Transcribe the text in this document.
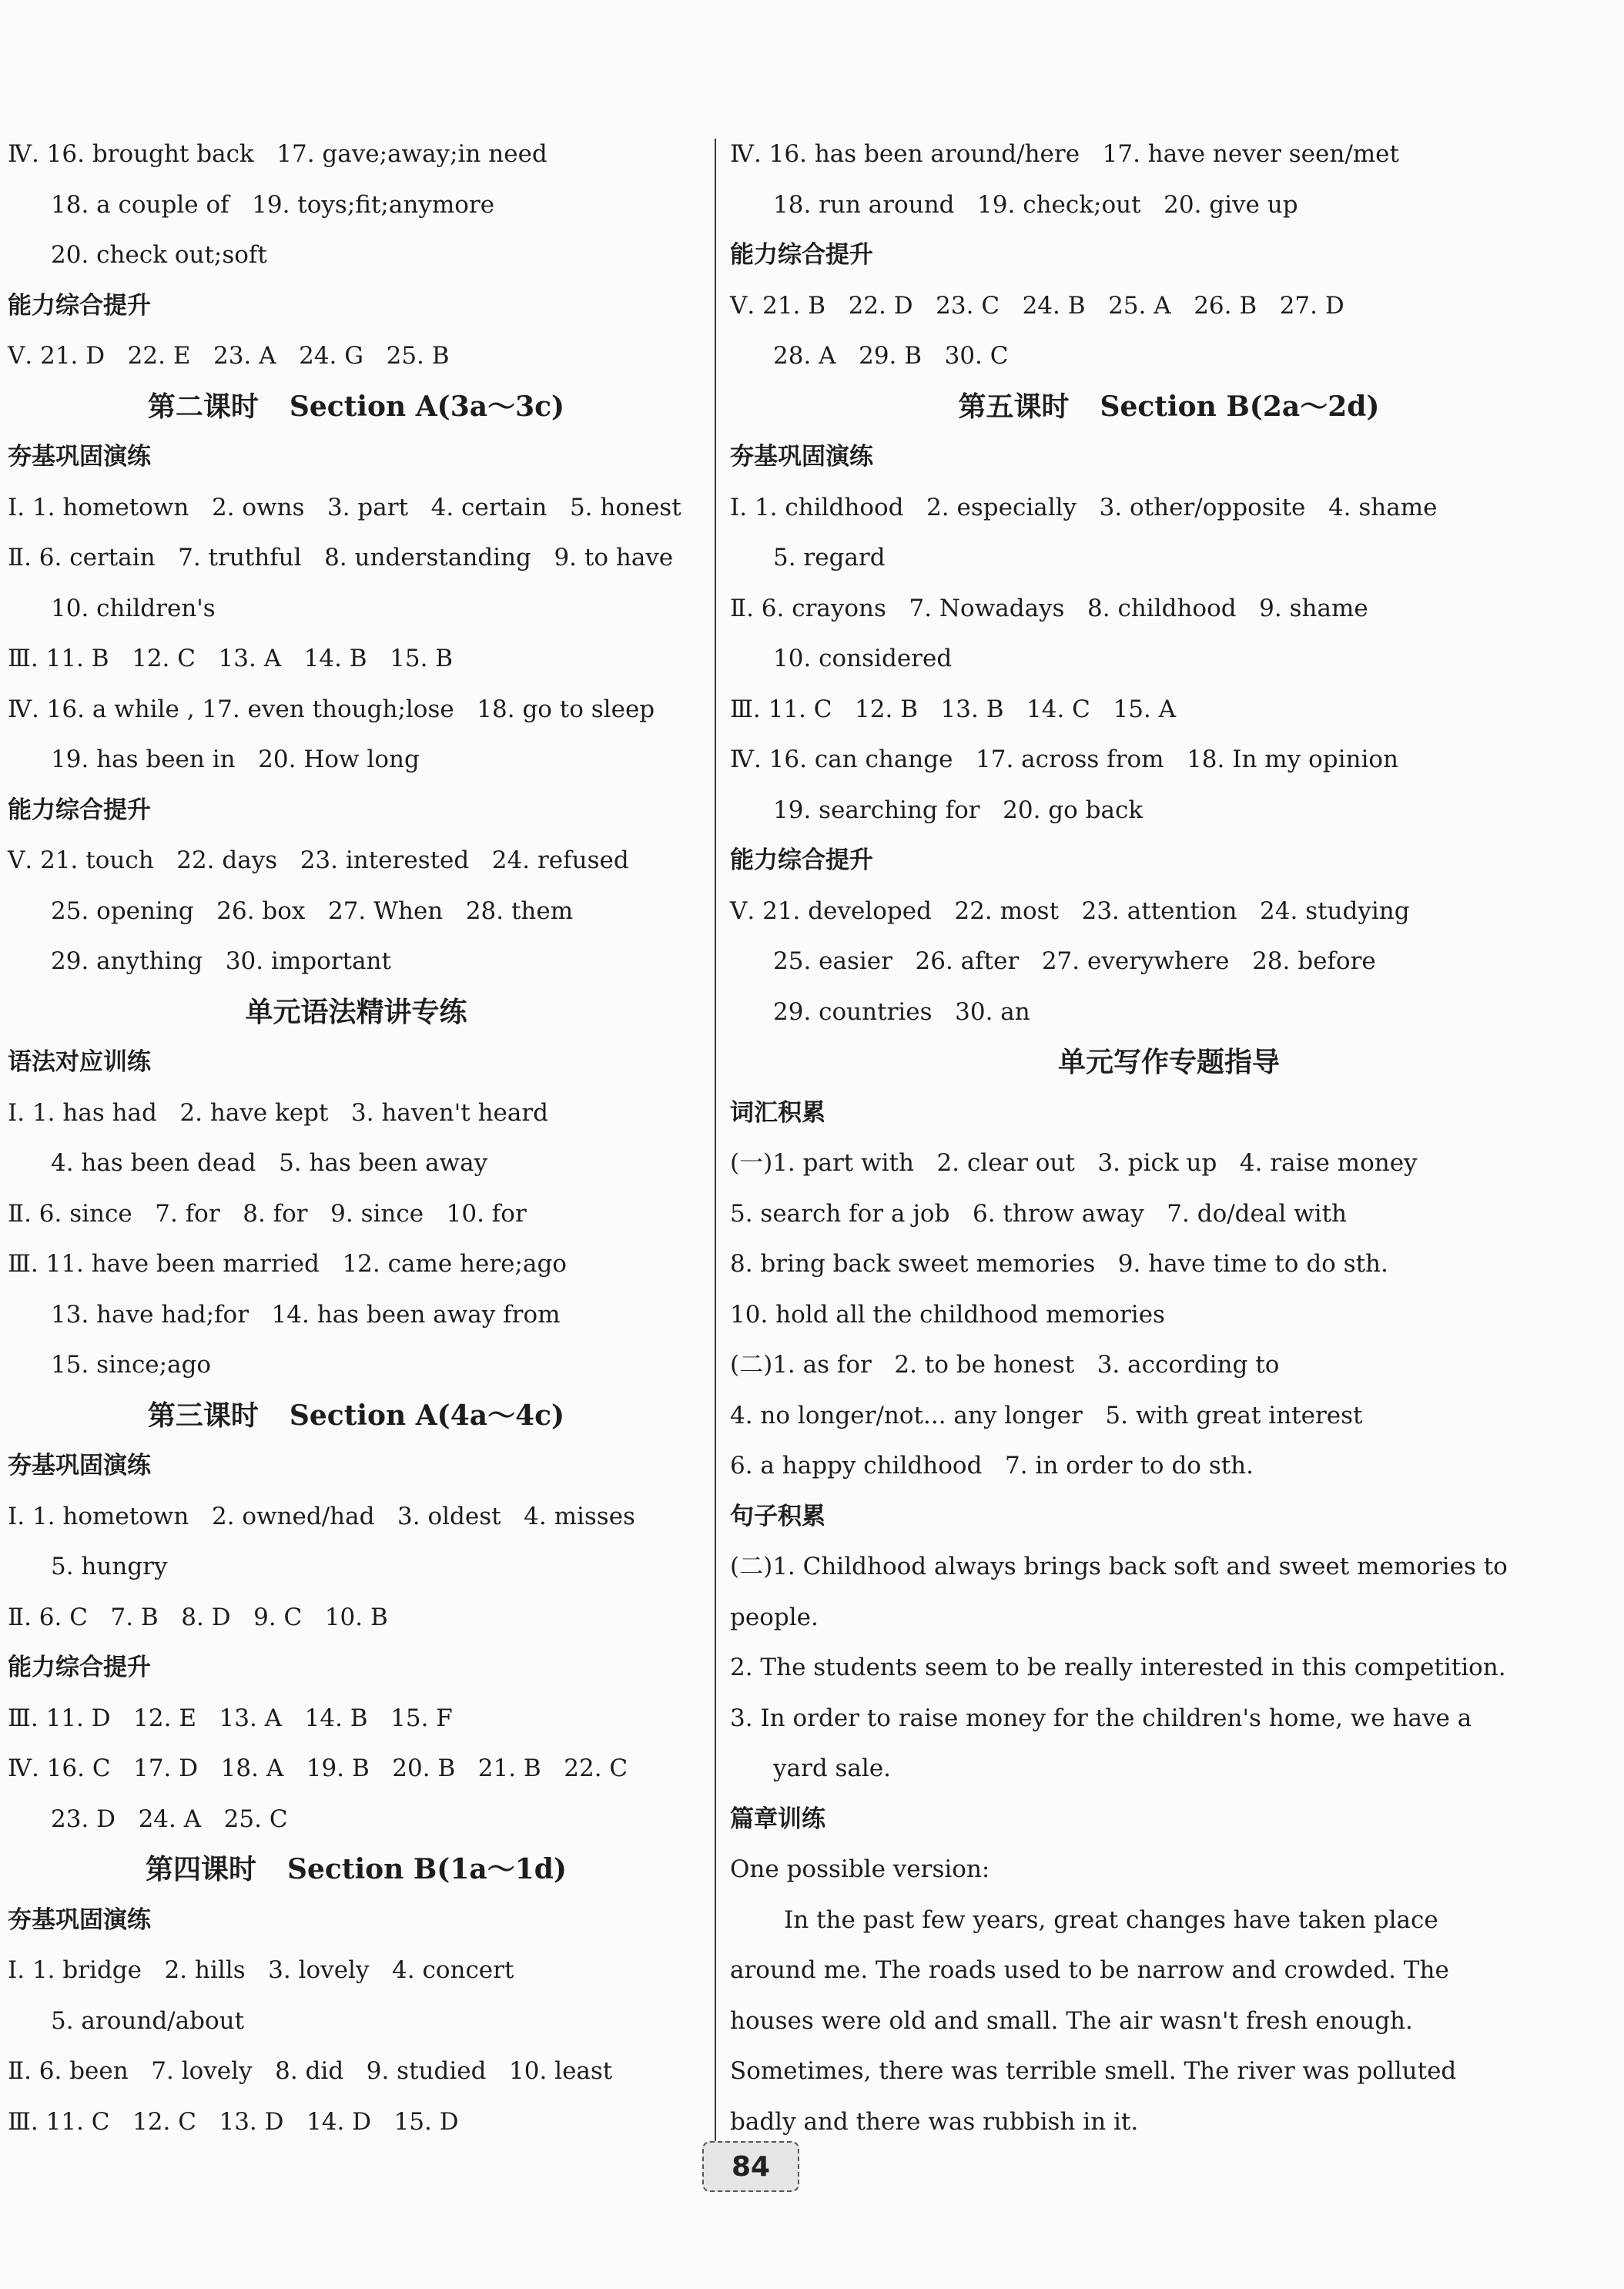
Ⅳ. 16. brought back   17. gave;away;in need
18. a couple of   19. toys;fit;anymore
20. check out;soft
能力综合提升
Ⅴ. 21. D   22. E   23. A   24. G   25. B
第二课时 Section A(3a～3c)
夯基巩固演练
Ⅰ. 1. hometown   2. owns   3. part   4. certain   5. honest
Ⅱ. 6. certain   7. truthful   8. understanding   9. to have
10. children's
Ⅲ. 11. B   12. C   13. A   14. B   15. B
Ⅳ. 16. a while , 17. even though;lose   18. go to sleep
19. has been in   20. How long
能力综合提升
Ⅴ. 21. touch   22. days   23. interested   24. refused
25. opening   26. box   27. When   28. them
29. anything   30. important
单元语法精讲专练
语法对应训练
Ⅰ. 1. has had   2. have kept   3. haven't heard
4. has been dead   5. has been away
Ⅱ. 6. since   7. for   8. for   9. since   10. for
Ⅲ. 11. have been married   12. came here;ago
13. have had;for   14. has been away from
15. since;ago
第三课时 Section A(4a～4c)
夯基巩固演练
Ⅰ. 1. hometown   2. owned/had   3. oldest   4. misses
5. hungry
Ⅱ. 6. C   7. B   8. D   9. C   10. B
能力综合提升
Ⅲ. 11. D   12. E   13. A   14. B   15. F
Ⅳ. 16. C   17. D   18. A   19. B   20. B   21. B   22. C
23. D   24. A   25. C
第四课时 Section B(1a～1d)
夯基巩固演练
Ⅰ. 1. bridge   2. hills   3. lovely   4. concert
5. around/about
Ⅱ. 6. been   7. lovely   8. did   9. studied   10. least
Ⅲ. 11. C   12. C   13. D   14. D   15. D
Ⅳ. 16. has been around/here   17. have never seen/met
18. run around   19. check;out   20. give up
能力综合提升
Ⅴ. 21. B   22. D   23. C   24. B   25. A   26. B   27. D
28. A   29. B   30. C
第五课时 Section B(2a～2d)
夯基巩固演练
Ⅰ. 1. childhood   2. especially   3. other/opposite   4. shame
5. regard
Ⅱ. 6. crayons   7. Nowadays   8. childhood   9. shame
10. considered
Ⅲ. 11. C   12. B   13. B   14. C   15. A
Ⅳ. 16. can change   17. across from   18. In my opinion
19. searching for   20. go back
能力综合提升
Ⅴ. 21. developed   22. most   23. attention   24. studying
25. easier   26. after   27. everywhere   28. before
29. countries   30. an
单元写作专题指导
词汇积累
(一)1. part with   2. clear out   3. pick up   4. raise money
5. search for a job   6. throw away   7. do/deal with
8. bring back sweet memories   9. have time to do sth.
10. hold all the childhood memories
(二)1. as for   2. to be honest   3. according to
4. no longer/not... any longer   5. with great interest
6. a happy childhood   7. in order to do sth.
句子积累
(二)1. Childhood always brings back soft and sweet memories to
people.
2. The students seem to be really interested in this competition.
3. In order to raise money for the children's home, we have a
yard sale.
篇章训练
One possible version:
In the past few years, great changes have taken place
around me. The roads used to be narrow and crowded. The
houses were old and small. The air wasn't fresh enough.
Sometimes, there was terrible smell. The river was polluted
badly and there was rubbish in it.
84
